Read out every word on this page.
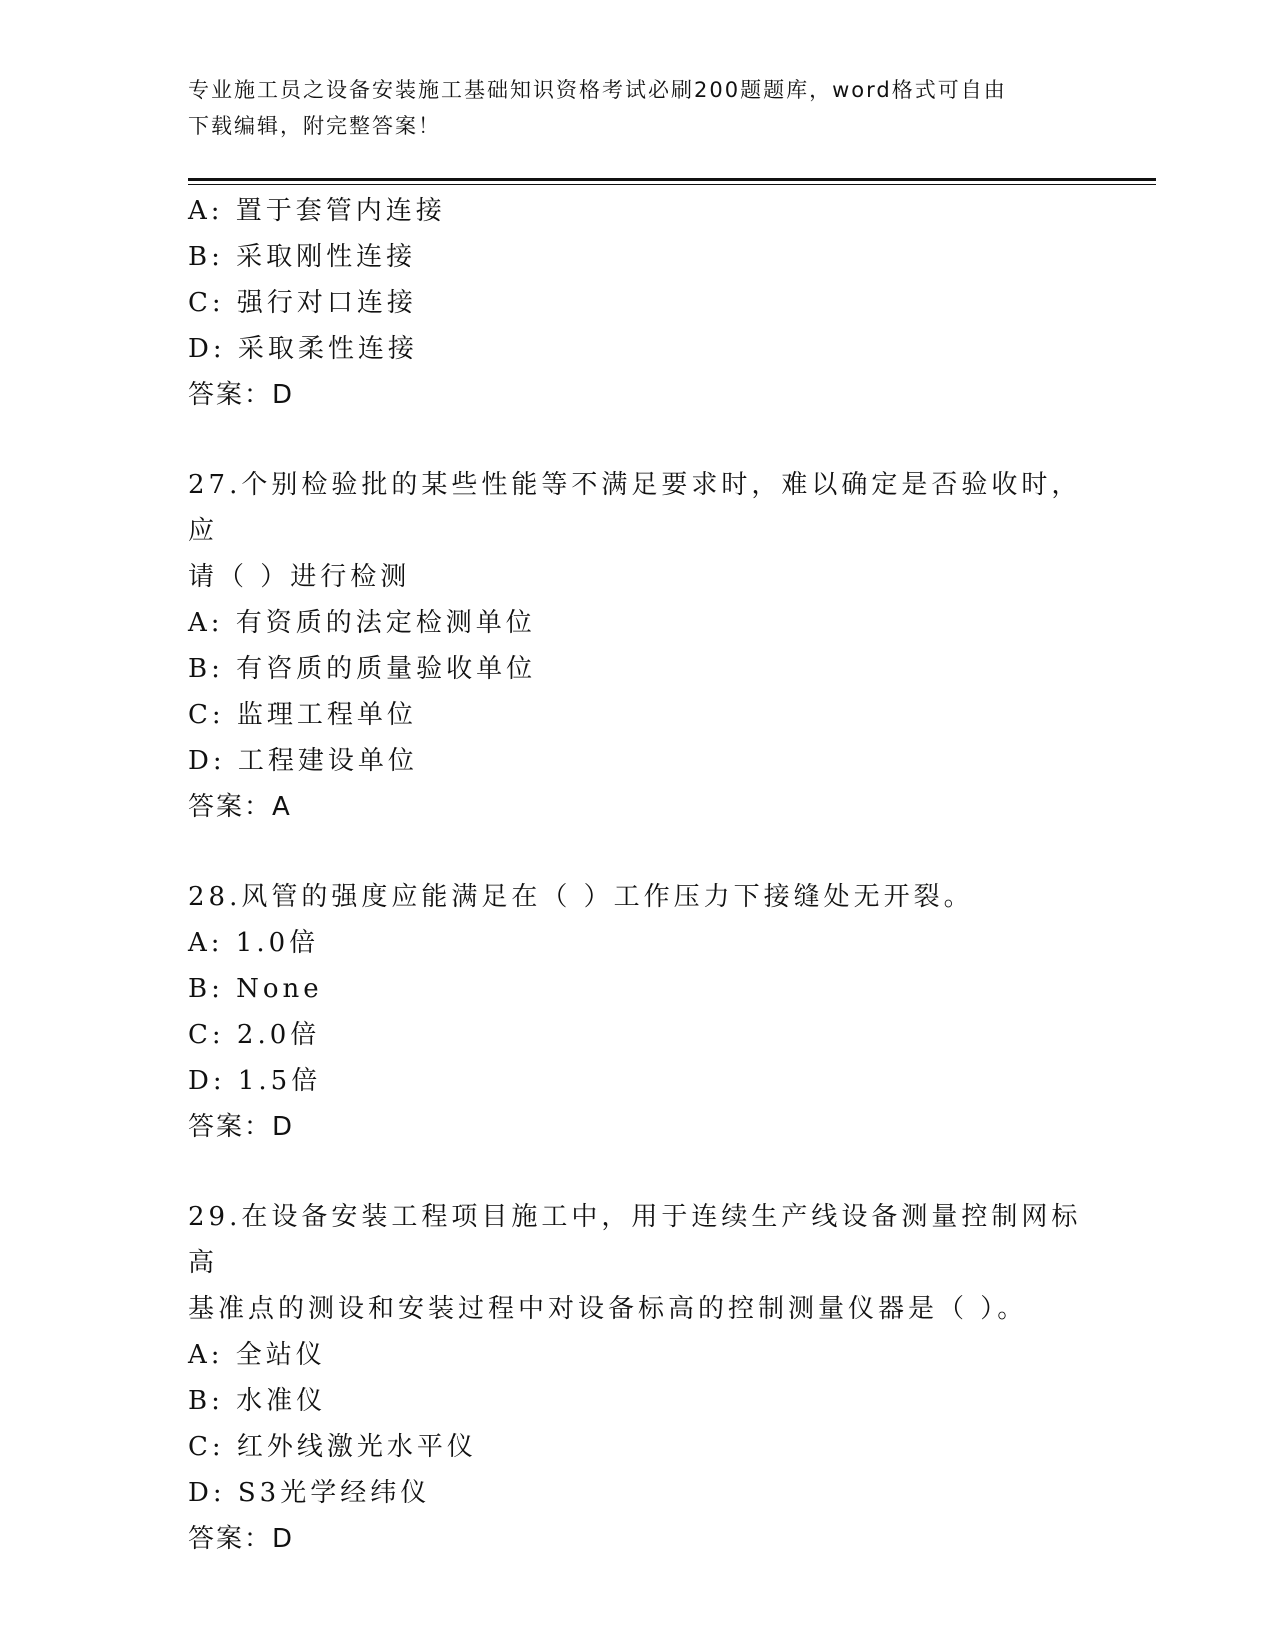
专业施工员之设备安装施工基础知识资格考试必刷200题题库，word格式可自由
下载编辑，附完整答案！
A: 置于套管内连接
B: 采取刚性连接
C: 强行对口连接
D: 采取柔性连接
答案：D
27.个别检验批的某些性能等不满足要求时，难以确定是否验收时，应
请（ ）进行检测
A: 有资质的法定检测单位
B: 有咨质的质量验收单位
C: 监理工程单位
D: 工程建设单位
答案：A
28.风管的强度应能满足在（ ）工作压力下接缝处无开裂。
A: 1.0倍
B: None
C: 2.0倍
D: 1.5倍
答案：D
29.在设备安装工程项目施工中，用于连续生产线设备测量控制网标高
基准点的测设和安装过程中对设备标高的控制测量仪器是（ ）。
A: 全站仪
B: 水准仪
C: 红外线激光水平仪
D: S3光学经纬仪
答案：D
